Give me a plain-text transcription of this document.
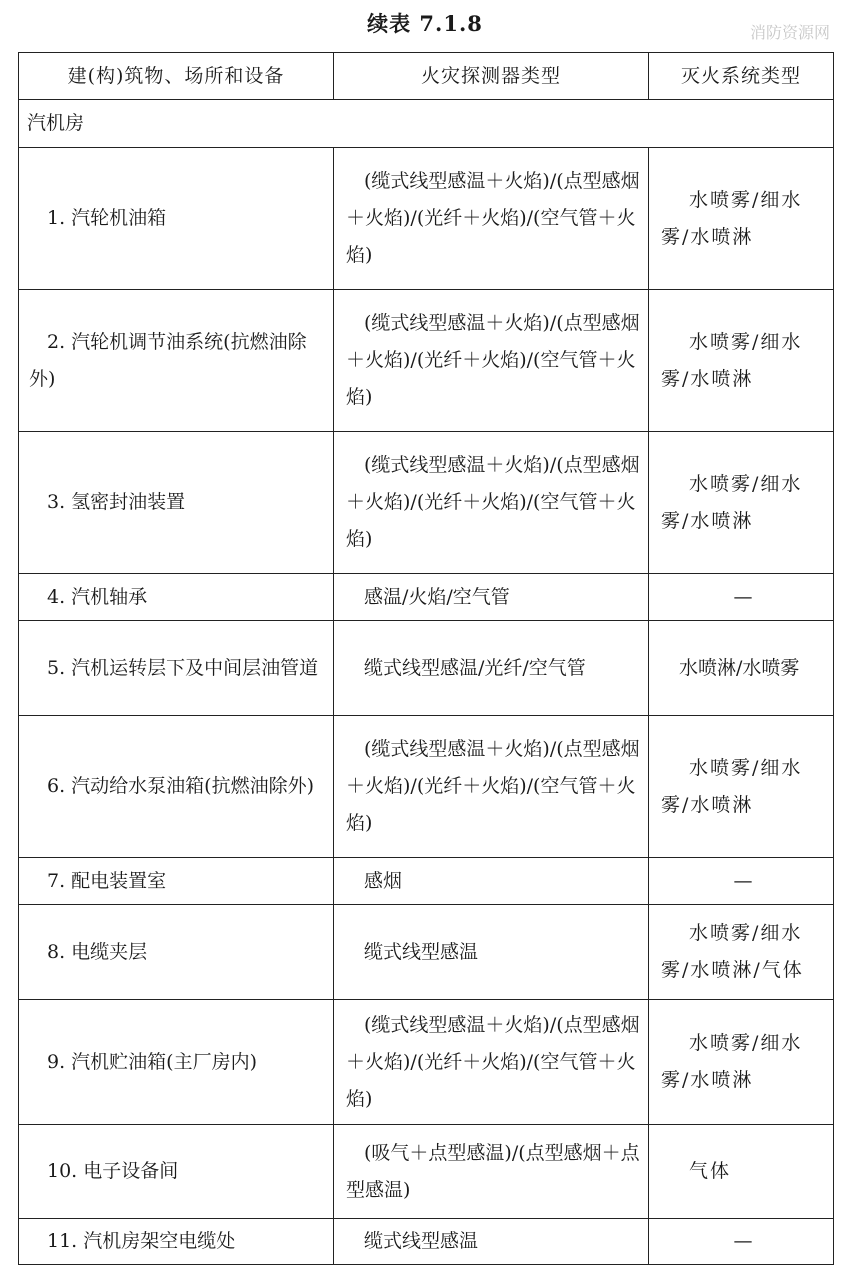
续表 7.1.8	消防资源网
建(构)筑物、场所和设备	火灾探测器类型	灭火系统类型
汽机房		
1. 汽轮机油箱	(缆式线型感温＋火焰)/(点型感烟＋火焰)/(光纤＋火焰)/(空气管＋火焰)	水喷雾/细水雾/水喷淋
2. 汽轮机调节油系统(抗燃油除外)	(缆式线型感温＋火焰)/(点型感烟＋火焰)/(光纤＋火焰)/(空气管＋火焰)	水喷雾/细水雾/水喷淋
3. 氢密封油装置	(缆式线型感温＋火焰)/(点型感烟＋火焰)/(光纤＋火焰)/(空气管＋火焰)	水喷雾/细水雾/水喷淋
4. 汽机轴承	感温/火焰/空气管	—
5. 汽机运转层下及中间层油管道	缆式线型感温/光纤/空气管	水喷淋/水喷雾
6. 汽动给水泵油箱(抗燃油除外)	(缆式线型感温＋火焰)/(点型感烟＋火焰)/(光纤＋火焰)/(空气管＋火焰)	水喷雾/细水雾/水喷淋
7. 配电装置室	感烟	—
8. 电缆夹层	缆式线型感温	水喷雾/细水雾/水喷淋/气体
9. 汽机贮油箱(主厂房内)	(缆式线型感温＋火焰)/(点型感烟＋火焰)/(光纤＋火焰)/(空气管＋火焰)	水喷雾/细水雾/水喷淋
10. 电子设备间	(吸气＋点型感温)/(点型感烟＋点型感温)	气体
11. 汽机房架空电缆处	缆式线型感温	—
